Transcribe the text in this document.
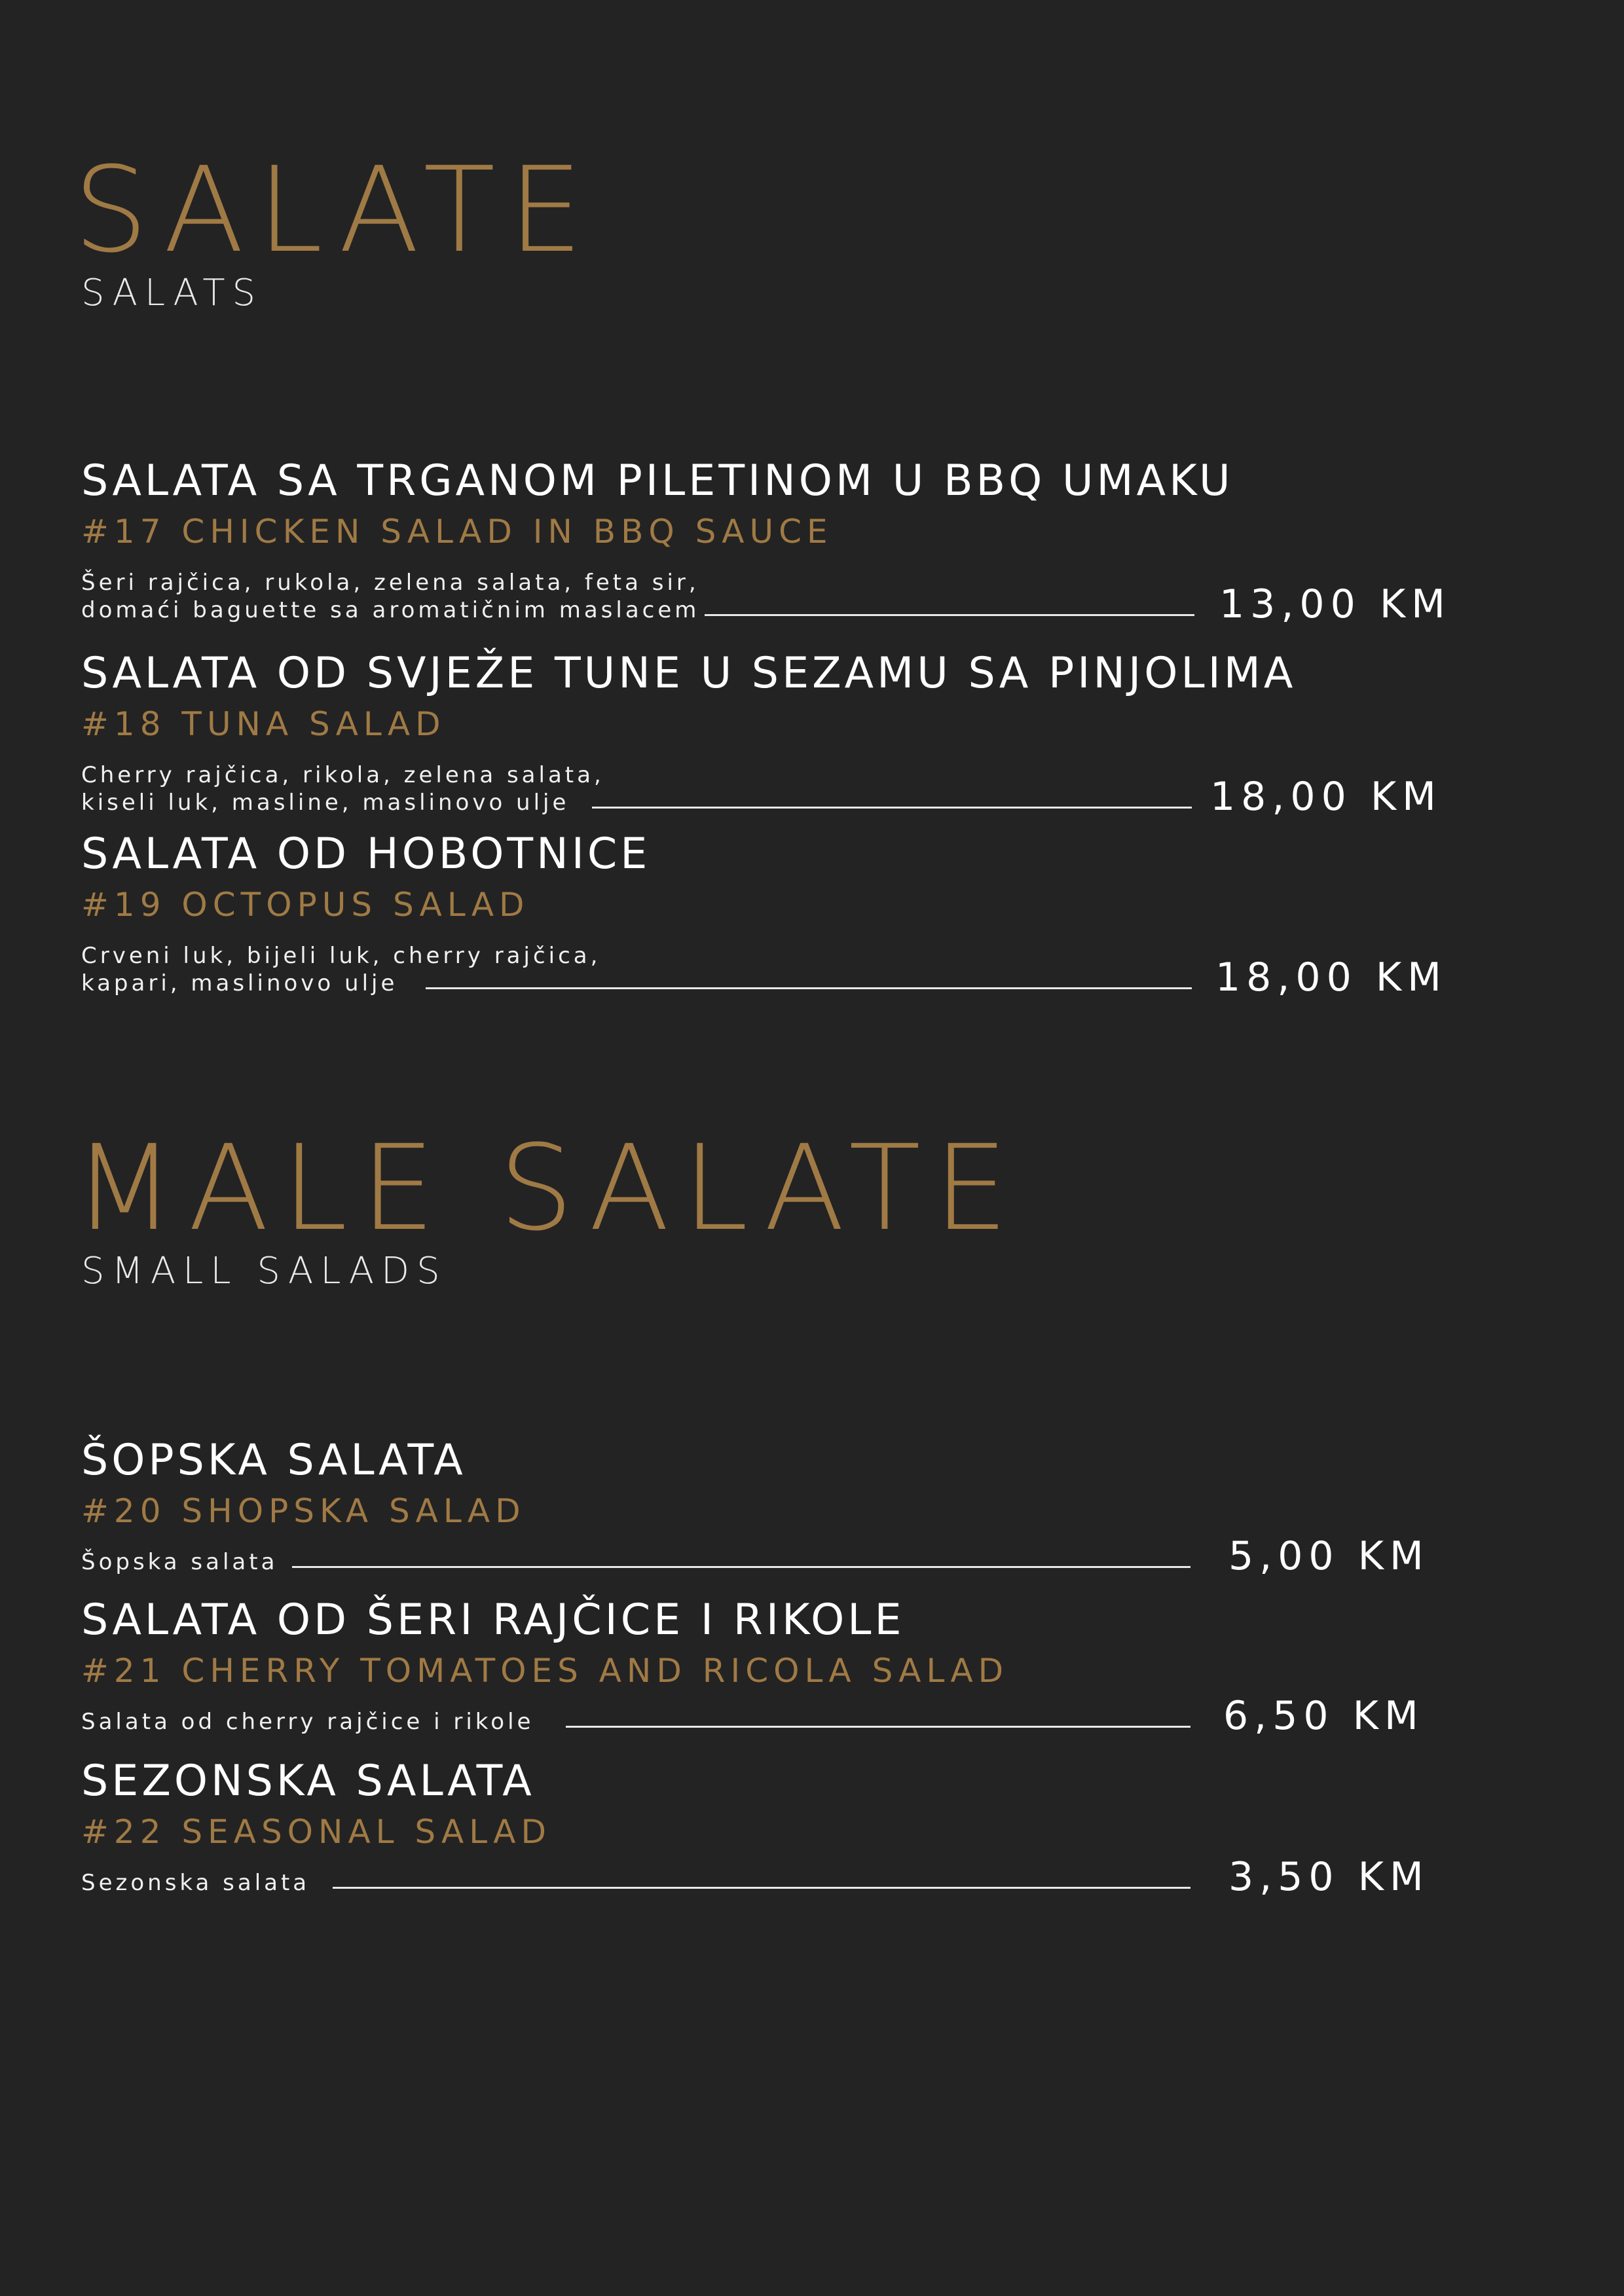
SALATE
SALATS
SALATA SA TRGANOM PILETINOM U BBQ UMAKU
#17 CHICKEN SALAD IN BBQ SAUCE
Šeri rajčica, rukola, zelena salata, feta sir,
domaći baguette sa aromatičnim maslacem	13,00 KM
SALATA OD SVJEŽE TUNE U SEZAMU SA PINJOLIMA
#18 TUNA SALAD
Cherry rajčica, rikola, zelena salata,
kiseli luk, masline, maslinovo ulje	18,00 KM
SALATA OD HOBOTNICE
#19 OCTOPUS SALAD
Crveni luk, bijeli luk, cherry rajčica,
kapari, maslinovo ulje	18,00 KM
MALE SALATE
SMALL SALADS
ŠOPSKA SALATA
#20 SHOPSKA SALAD
Šopska salata	5,00 KM
SALATA OD ŠERI RAJČICE I RIKOLE
#21 CHERRY TOMATOES AND RICOLA SALAD
Salata od cherry rajčice i rikole	6,50 KM
SEZONSKA SALATA
#22 SEASONAL SALAD
Sezonska salata	3,50 KM
